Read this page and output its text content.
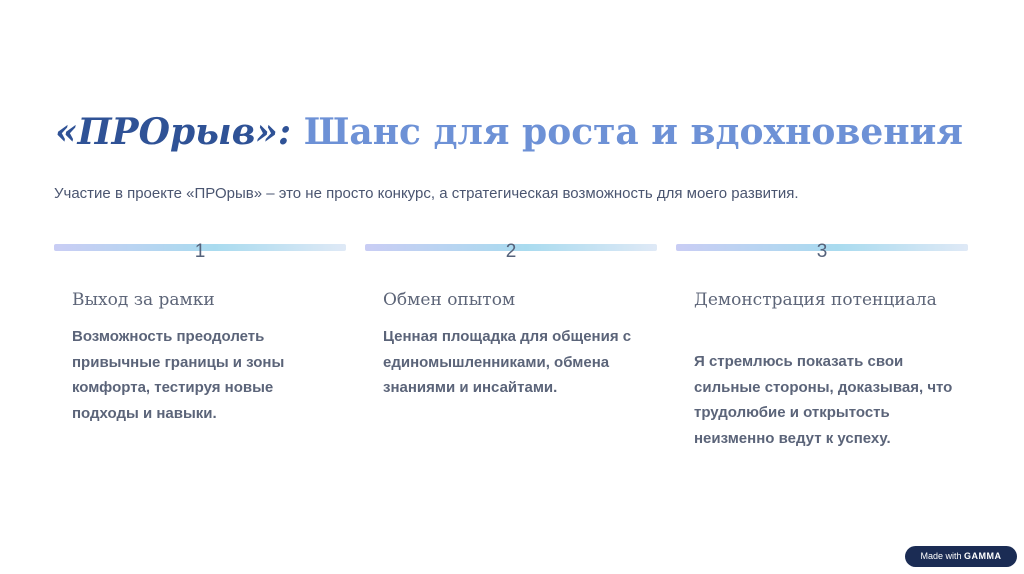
«ПРОрыв»: Шанс для роста и вдохновения

Участие в проекте «ПРОрыв» – это не просто конкурс, а стратегическая возможность для моего развития.

1
Выход за рамки

Возможность преодолеть привычные границы и зоны комфорта, тестируя новые подходы и навыки.

2
Обмен опытом

Ценная площадка для общения с единомышленниками, обмена знаниями и инсайтами.

3
Демонстрация потенциала

Я стремлюсь показать свои сильные стороны, доказывая, что трудолюбие и открытость неизменно ведут к успеху.

Made with GAMMA
